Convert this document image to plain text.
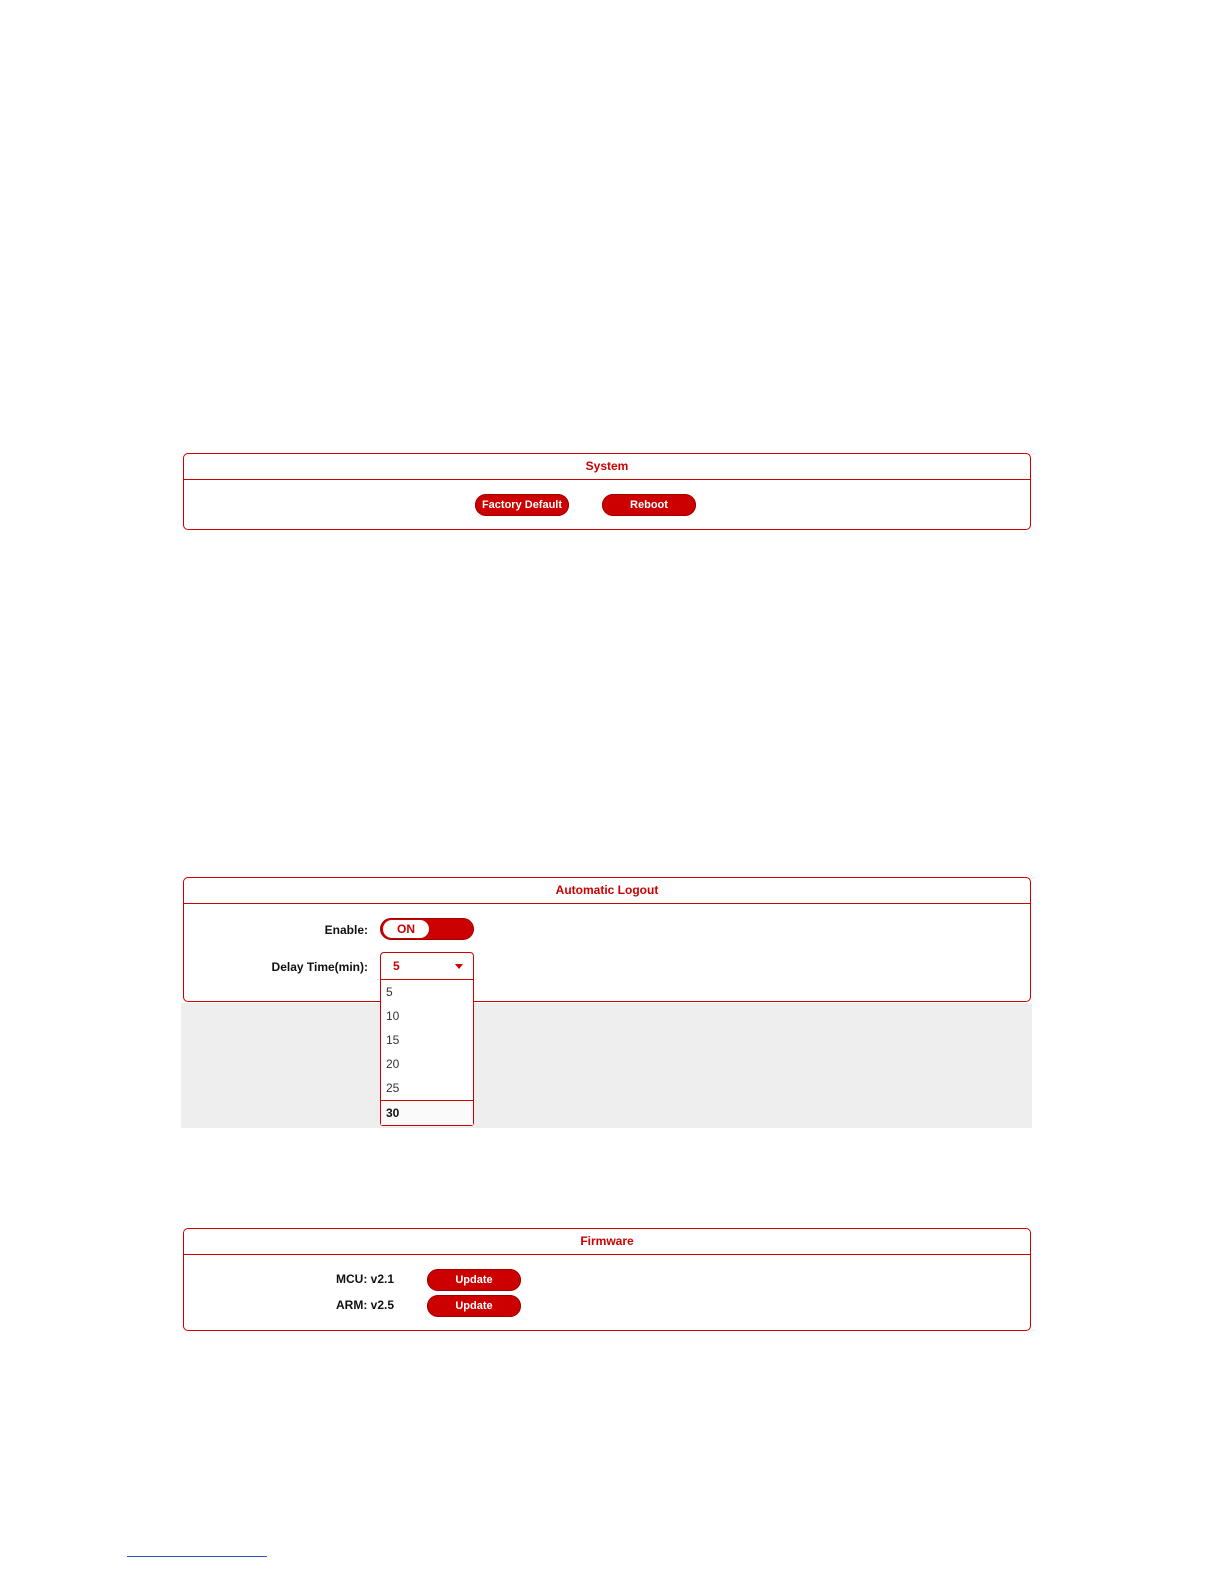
System
Factory Default	Reboot
Automatic Logout
Enable:	ON
Delay Time(min): 5
5
10
15
20
25
30
Firmware
MCU: v2.1	Update
ARM: v2.5	Update
